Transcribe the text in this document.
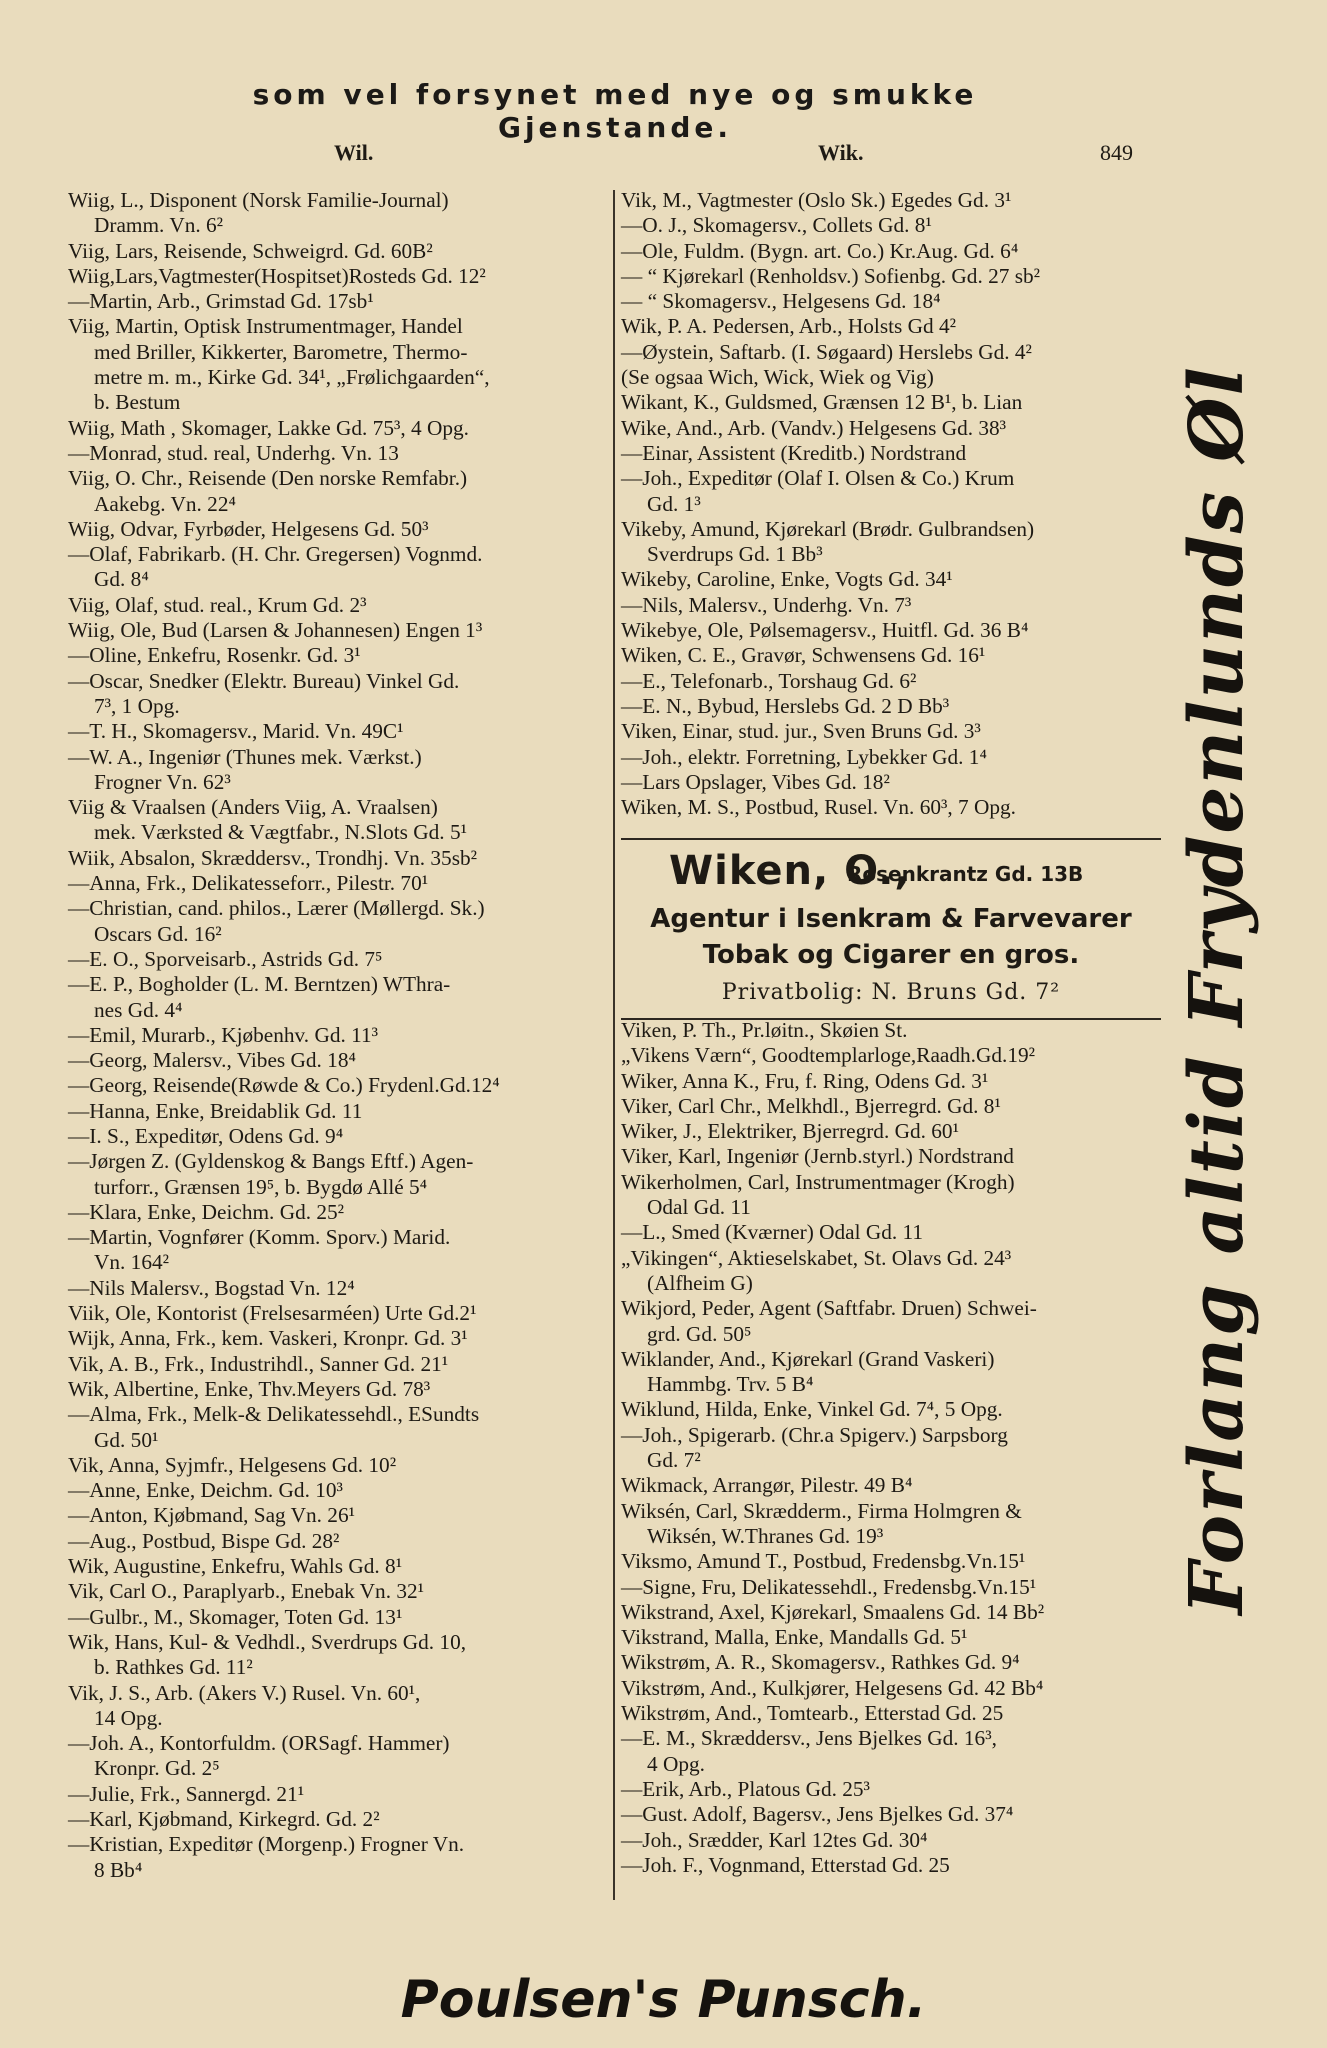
som vel forsynet med nye og smukke Gjenstande.
Wil.	Wik.	849
Wiig, L., Disponent (Norsk Familie-Journal)
Dramm. Vn. 6²
Viig, Lars, Reisende, Schweigrd. Gd. 60B²
Wiig,Lars,Vagtmester(Hospitset)Rosteds Gd. 12²
—Martin, Arb., Grimstad Gd. 17sb¹
Viig, Martin, Optisk Instrumentmager, Handel
med Briller, Kikkerter, Barometre, Thermo-
metre m. m., Kirke Gd. 34¹, „Frølichgaarden“,
b. Bestum
Wiig, Math , Skomager, Lakke Gd. 75³, 4 Opg.
—Monrad, stud. real, Underhg. Vn. 13
Viig, O. Chr., Reisende (Den norske Remfabr.)
Aakebg. Vn. 22⁴
Wiig, Odvar, Fyrbøder, Helgesens Gd. 50³
—Olaf, Fabrikarb. (H. Chr. Gregersen) Vognmd.
Gd. 8⁴
Viig, Olaf, stud. real., Krum Gd. 2³
Wiig, Ole, Bud (Larsen & Johannesen) Engen 1³
—Oline, Enkefru, Rosenkr. Gd. 3¹
—Oscar, Snedker (Elektr. Bureau) Vinkel Gd.
7³, 1 Opg.
—T. H., Skomagersv., Marid. Vn. 49C¹
—W. A., Ingeniør (Thunes mek. Værkst.)
Frogner Vn. 62³
Viig & Vraalsen (Anders Viig, A. Vraalsen)
mek. Værksted & Vægtfabr., N.Slots Gd. 5¹
Wiik, Absalon, Skræddersv., Trondhj. Vn. 35sb²
—Anna, Frk., Delikatesseforr., Pilestr. 70¹
—Christian, cand. philos., Lærer (Møllergd. Sk.)
Oscars Gd. 16²
—E. O., Sporveisarb., Astrids Gd. 7⁵
—E. P., Bogholder (L. M. Berntzen) WThra-
nes Gd. 4⁴
—Emil, Murarb., Kjøbenhv. Gd. 11³
—Georg, Malersv., Vibes Gd. 18⁴
—Georg, Reisende(Røwde & Co.) Frydenl.Gd.12⁴
—Hanna, Enke, Breidablik Gd. 11
—I. S., Expeditør, Odens Gd. 9⁴
—Jørgen Z. (Gyldenskog & Bangs Eftf.) Agen-
turforr., Grænsen 19⁵, b. Bygdø Allé 5⁴
—Klara, Enke, Deichm. Gd. 25²
—Martin, Vognfører (Komm. Sporv.) Marid.
Vn. 164²
—Nils Malersv., Bogstad Vn. 12⁴
Viik, Ole, Kontorist (Frelsesarméen) Urte Gd.2¹
Wijk, Anna, Frk., kem. Vaskeri, Kronpr. Gd. 3¹
Vik, A. B., Frk., Industrihdl., Sanner Gd. 21¹
Wik, Albertine, Enke, Thv.Meyers Gd. 78³
—Alma, Frk., Melk-& Delikatessehdl., ESundts
Gd. 50¹
Vik, Anna, Syjmfr., Helgesens Gd. 10²
—Anne, Enke, Deichm. Gd. 10³
—Anton, Kjøbmand, Sag Vn. 26¹
—Aug., Postbud, Bispe Gd. 28²
Wik, Augustine, Enkefru, Wahls Gd. 8¹
Vik, Carl O., Paraplyarb., Enebak Vn. 32¹
—Gulbr., M., Skomager, Toten Gd. 13¹
Wik, Hans, Kul- & Vedhdl., Sverdrups Gd. 10,
b. Rathkes Gd. 11²
Vik, J. S., Arb. (Akers V.) Rusel. Vn. 60¹,
14 Opg.
—Joh. A., Kontorfuldm. (ORSagf. Hammer)
Kronpr. Gd. 2⁵
—Julie, Frk., Sannergd. 21¹
—Karl, Kjøbmand, Kirkegrd. Gd. 2²
—Kristian, Expeditør (Morgenp.) Frogner Vn.
8 Bb⁴
Vik, M., Vagtmester (Oslo Sk.) Egedes Gd. 3¹
—O. J., Skomagersv., Collets Gd. 8¹
—Ole, Fuldm. (Bygn. art. Co.) Kr.Aug. Gd. 6⁴
— “ Kjørekarl (Renholdsv.) Sofienbg. Gd. 27 sb²
— “ Skomagersv., Helgesens Gd. 18⁴
Wik, P. A. Pedersen, Arb., Holsts Gd 4²
—Øystein, Saftarb. (I. Søgaard) Herslebs Gd. 4²
(Se ogsaa Wich, Wick, Wiek og Vig)
Wikant, K., Guldsmed, Grænsen 12 B¹, b. Lian
Wike, And., Arb. (Vandv.) Helgesens Gd. 38³
—Einar, Assistent (Kreditb.) Nordstrand
—Joh., Expeditør (Olaf I. Olsen & Co.) Krum
Gd. 1³
Vikeby, Amund, Kjørekarl (Brødr. Gulbrandsen)
Sverdrups Gd. 1 Bb³
Wikeby, Caroline, Enke, Vogts Gd. 34¹
—Nils, Malersv., Underhg. Vn. 7³
Wikebye, Ole, Pølsemagersv., Huitfl. Gd. 36 B⁴
Wiken, C. E., Gravør, Schwensens Gd. 16¹
—E., Telefonarb., Torshaug Gd. 6²
—E. N., Bybud, Herslebs Gd. 2 D Bb³
Viken, Einar, stud. jur., Sven Bruns Gd. 3³
—Joh., elektr. Forretning, Lybekker Gd. 1⁴
—Lars Opslager, Vibes Gd. 18²
Wiken, M. S., Postbud, Rusel. Vn. 60³, 7 Opg.
Wiken, O.,
Rosenkrantz Gd. 13B
Agentur i Isenkram & Farvevarer
Tobak og Cigarer en gros.
Privatbolig: N. Bruns Gd. 7²
Viken, P. Th., Pr.løitn., Skøien St.
„Vikens Værn“, Goodtemplarloge,Raadh.Gd.19²
Wiker, Anna K., Fru, f. Ring, Odens Gd. 3¹
Viker, Carl Chr., Melkhdl., Bjerregrd. Gd. 8¹
Wiker, J., Elektriker, Bjerregrd. Gd. 60¹
Viker, Karl, Ingeniør (Jernb.styrl.) Nordstrand
Wikerholmen, Carl, Instrumentmager (Krogh)
Odal Gd. 11
—L., Smed (Kværner) Odal Gd. 11
„Vikingen“, Aktieselskabet, St. Olavs Gd. 24³
(Alfheim G)
Wikjord, Peder, Agent (Saftfabr. Druen) Schwei-
grd. Gd. 50⁵
Wiklander, And., Kjørekarl (Grand Vaskeri)
Hammbg. Trv. 5 B⁴
Wiklund, Hilda, Enke, Vinkel Gd. 7⁴, 5 Opg.
—Joh., Spigerarb. (Chr.a Spigerv.) Sarpsborg
Gd. 7²
Wikmack, Arrangør, Pilestr. 49 B⁴
Wiksén, Carl, Skrædderm., Firma Holmgren &
Wiksén, W.Thranes Gd. 19³
Viksmo, Amund T., Postbud, Fredensbg.Vn.15¹
—Signe, Fru, Delikatessehdl., Fredensbg.Vn.15¹
Wikstrand, Axel, Kjørekarl, Smaalens Gd. 14 Bb²
Vikstrand, Malla, Enke, Mandalls Gd. 5¹
Wikstrøm, A. R., Skomagersv., Rathkes Gd. 9⁴
Vikstrøm, And., Kulkjører, Helgesens Gd. 42 Bb⁴
Wikstrøm, And., Tomtearb., Etterstad Gd. 25
—E. M., Skræddersv., Jens Bjelkes Gd. 16³,
4 Opg.
—Erik, Arb., Platous Gd. 25³
—Gust. Adolf, Bagersv., Jens Bjelkes Gd. 37⁴
—Joh., Srædder, Karl 12tes Gd. 30⁴
—Joh. F., Vognmand, Etterstad Gd. 25
Forlang altid Frydenlunds Øl
Poulsen's Punsch.
